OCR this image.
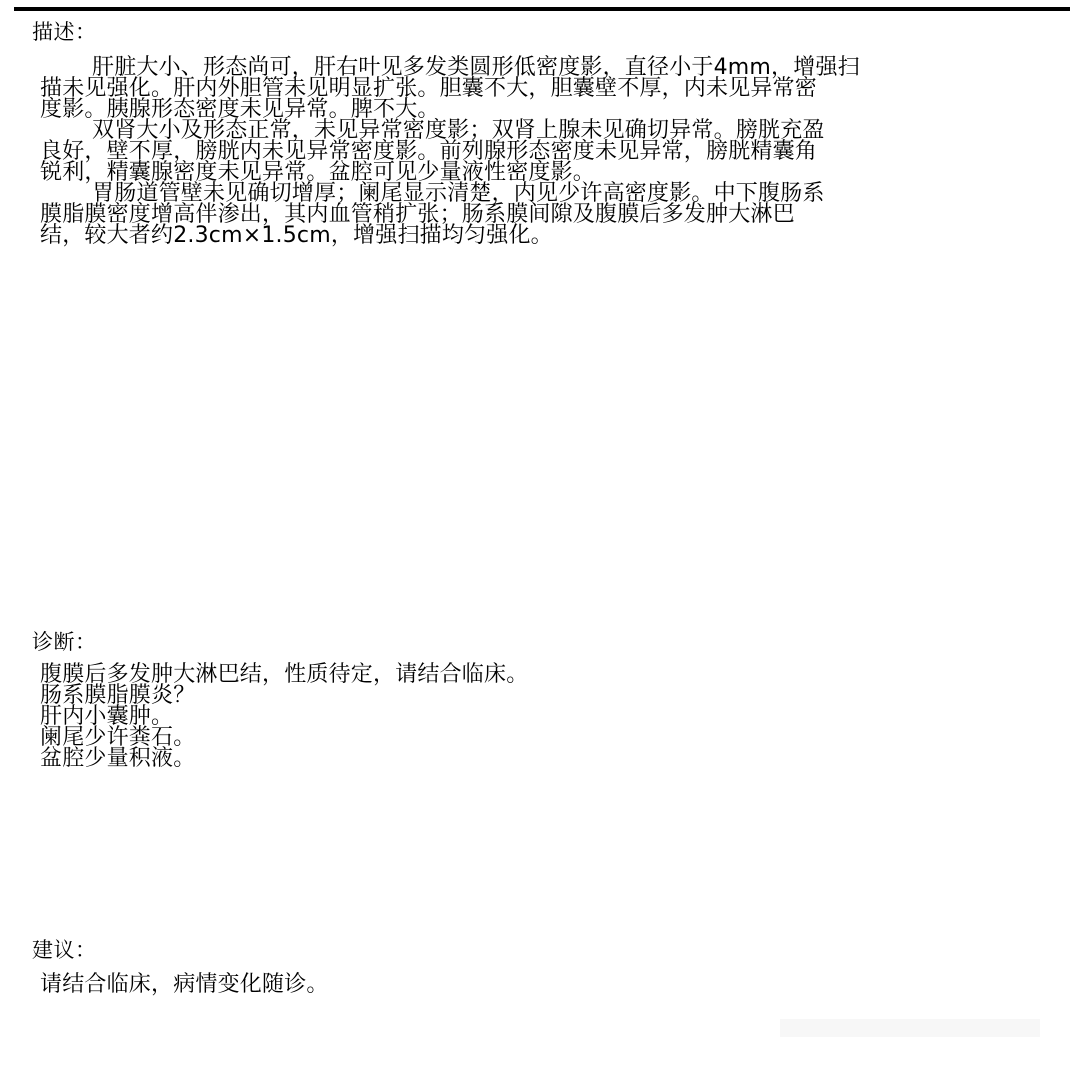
描述：
肝脏大小、形态尚可，肝右叶见多发类圆形低密度影，直径小于4mm，增强扫
描未见强化。肝内外胆管未见明显扩张。胆囊不大，胆囊壁不厚，内未见异常密
度影。胰腺形态密度未见异常。脾不大。
双肾大小及形态正常，未见异常密度影；双肾上腺未见确切异常。膀胱充盈
良好，壁不厚，膀胱内未见异常密度影。前列腺形态密度未见异常，膀胱精囊角
锐利，精囊腺密度未见异常。盆腔可见少量液性密度影。
胃肠道管壁未见确切增厚；阑尾显示清楚，内见少许高密度影。中下腹肠系
膜脂膜密度增高伴渗出，其内血管稍扩张；肠系膜间隙及腹膜后多发肿大淋巴
结，较大者约2.3cm×1.5cm，增强扫描均匀强化。
诊断：
腹膜后多发肿大淋巴结，性质待定，请结合临床。
肠系膜脂膜炎？
肝内小囊肿。
阑尾少许粪石。
盆腔少量积液。
建议：
请结合临床，病情变化随诊。
